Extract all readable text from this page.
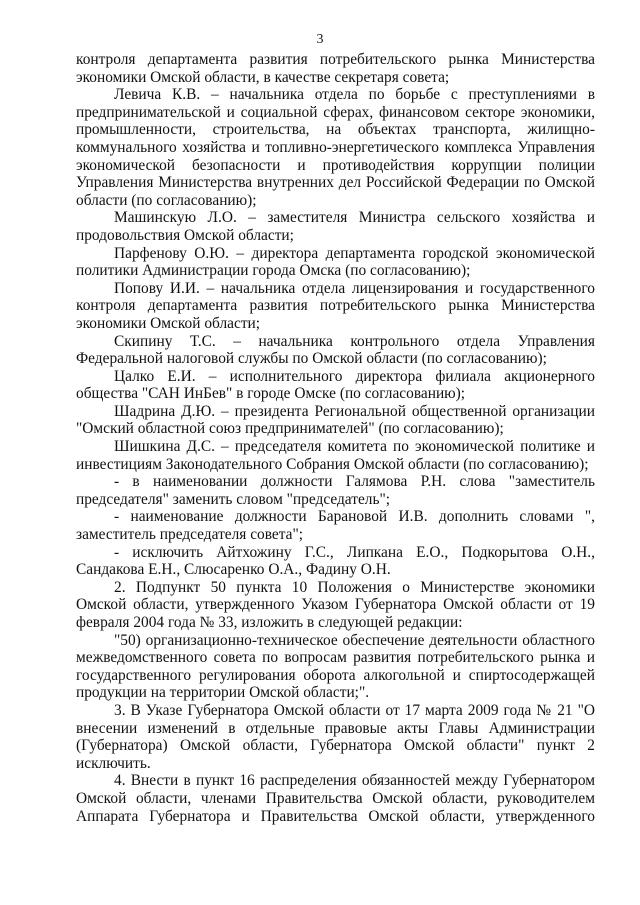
3

контроля департамента развития потребительского рынка Министерства экономики Омской области, в качестве секретаря совета;

Левича К.В. – начальника отдела по борьбе с преступлениями в предпринимательской и социальной сферах, финансовом секторе экономики, промышленности, строительства, на объектах транспорта, жилищно-коммунального хозяйства и топливно-энергетического комплекса Управления экономической безопасности и противодействия коррупции полиции Управления Министерства внутренних дел Российской Федерации по Омской области (по согласованию);

Машинскую Л.О. – заместителя Министра сельского хозяйства и продовольствия Омской области;

Парфенову О.Ю. – директора департамента городской экономической политики Администрации города Омска (по согласованию);

Попову И.И. – начальника отдела лицензирования и государственного контроля департамента развития потребительского рынка Министерства экономики Омской области;

Скипину Т.С. – начальника контрольного отдела Управления Федеральной налоговой службы по Омской области (по согласованию);

Цалко Е.И. – исполнительного директора филиала акционерного общества "САН ИнБев" в городе Омске (по согласованию);

Шадрина Д.Ю. – президента Региональной общественной организации "Омский областной союз предпринимателей" (по согласованию);

Шишкина Д.С. – председателя комитета по экономической политике и инвестициям Законодательного Собрания Омской области (по согласованию);

- в наименовании должности Галямова Р.Н. слова "заместитель председателя" заменить словом "председатель";

- наименование должности Барановой И.В. дополнить словами ", заместитель председателя совета";

- исключить Айтхожину Г.С., Липкана Е.О., Подкорытова О.Н., Сандакова Е.Н., Слюсаренко О.А., Фадину О.Н.

2. Подпункт 50 пункта 10 Положения о Министерстве экономики Омской области, утвержденного Указом Губернатора Омской области от 19 февраля 2004 года № 33, изложить в следующей редакции:

"50) организационно-техническое обеспечение деятельности областного межведомственного совета по вопросам развития потребительского рынка и государственного регулирования оборота алкогольной и спиртосодержащей продукции на территории Омской области;".

3. В Указе Губернатора Омской области от 17 марта 2009 года № 21 "О внесении изменений в отдельные правовые акты Главы Администрации (Губернатора) Омской области, Губернатора Омской области" пункт 2 исключить.

4. Внести в пункт 16 распределения обязанностей между Губернатором Омской области, членами Правительства Омской области, руководителем Аппарата Губернатора и Правительства Омской области, утвержденного
